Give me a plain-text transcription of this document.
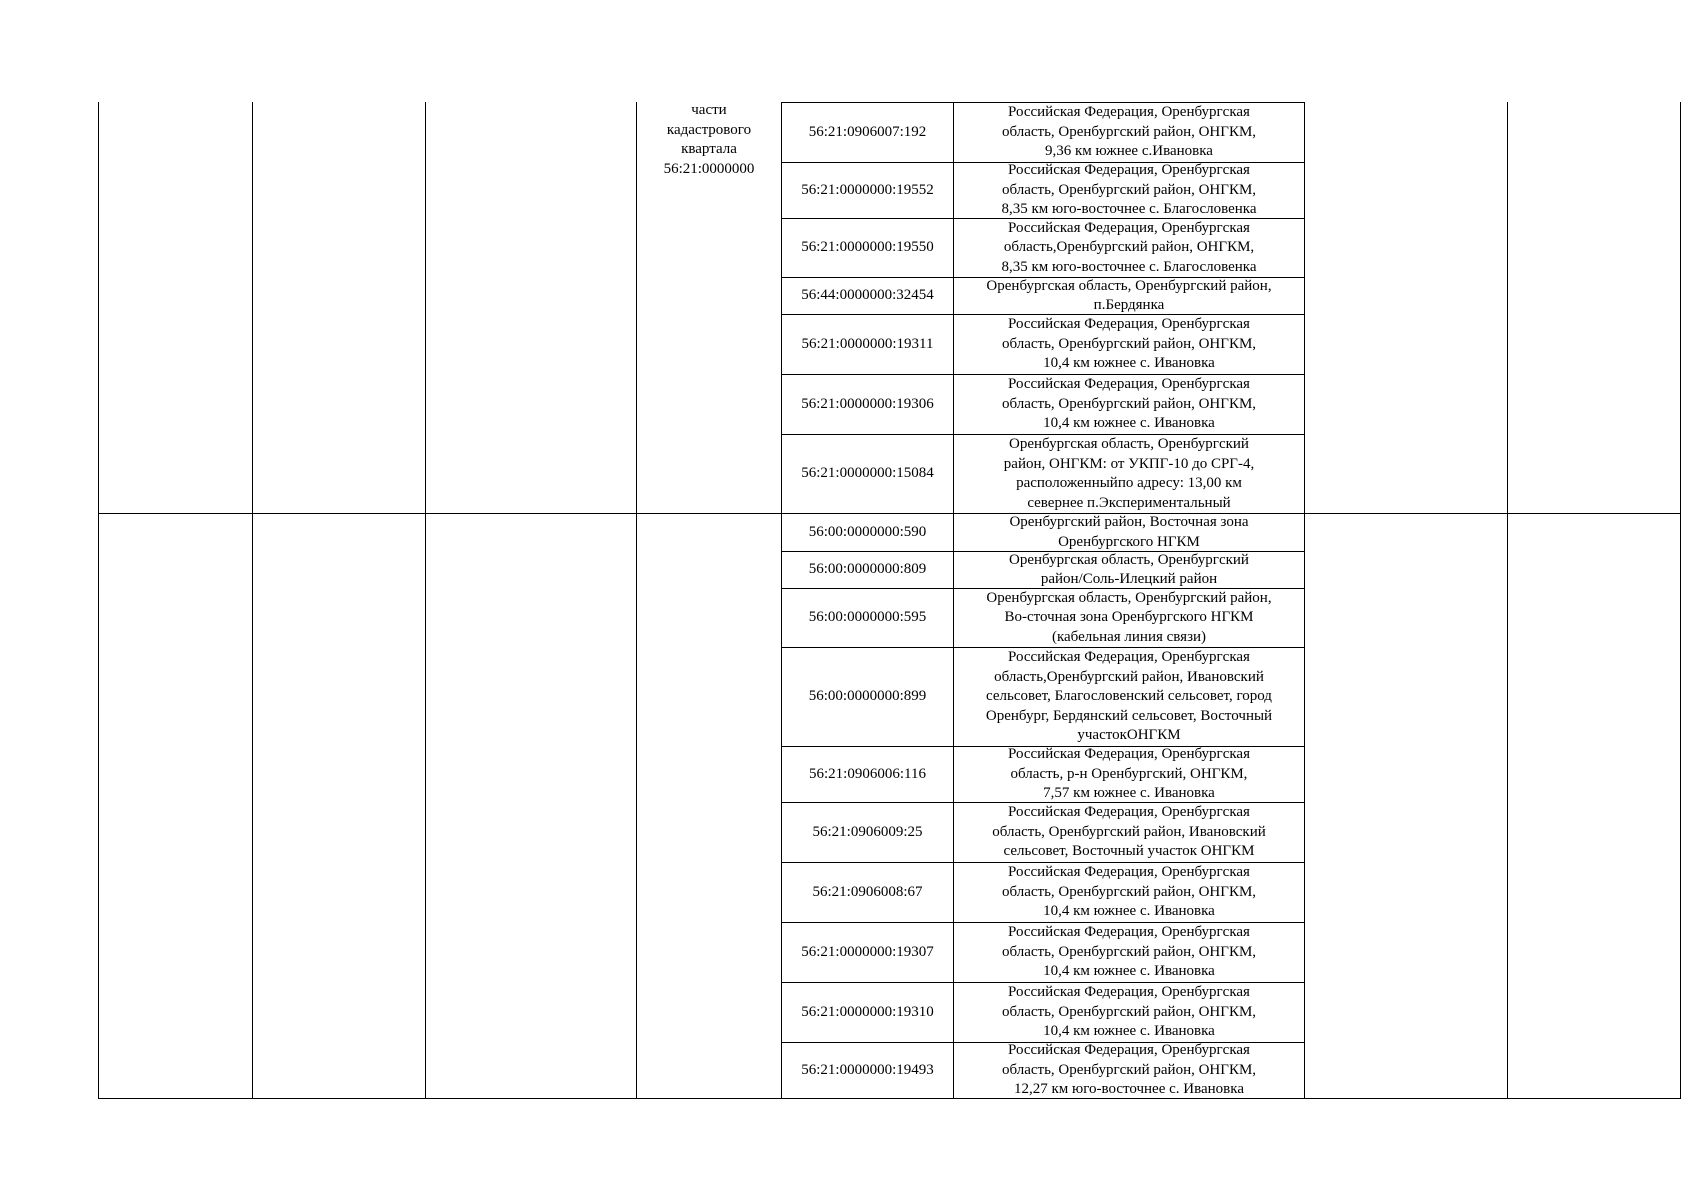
части
кадастрового
квартала
56:21:0000000
56:21:0906007:192
Российская Федерация, Оренбургская
область, Оренбургский район, ОНГКМ,
9,36 км южнее с.Ивановка
56:21:0000000:19552
Российская Федерация, Оренбургская
область, Оренбургский район, ОНГКМ,
8,35 км юго-восточнее с. Благословенка
56:21:0000000:19550
Российская Федерация, Оренбургская
область,Оренбургский район, ОНГКМ,
8,35 км юго-восточнее с. Благословенка
56:44:0000000:32454
Оренбургская область, Оренбургский район,
п.Бердянка
56:21:0000000:19311
Российская Федерация, Оренбургская
область, Оренбургский район, ОНГКМ,
10,4 км южнее с. Ивановка
56:21:0000000:19306
Российская Федерация, Оренбургская
область, Оренбургский район, ОНГКМ,
10,4 км южнее с. Ивановка
56:21:0000000:15084
Оренбургская область, Оренбургский
район, ОНГКМ: от УКПГ-10 до СРГ-4,
расположенныйпо адресу: 13,00 км
севернее п.Экспериментальный
56:00:0000000:590
Оренбургский район, Восточная зона
Оренбургского НГКМ
56:00:0000000:809
Оренбургская область, Оренбургский
район/Соль-Илецкий район
56:00:0000000:595
Оренбургская область, Оренбургский район,
Во-сточная зона Оренбургского НГКМ
(кабельная линия связи)
56:00:0000000:899
Российская Федерация, Оренбургская
область,Оренбургский район, Ивановский
сельсовет, Благословенский сельсовет, город
Оренбург, Бердянский сельсовет, Восточный
участокОНГКМ
56:21:0906006:116
Российская Федерация, Оренбургская
область, р-н Оренбургский, ОНГКМ,
7,57 км южнее с. Ивановка
56:21:0906009:25
Российская Федерация, Оренбургская
область, Оренбургский район, Ивановский
сельсовет, Восточный участок ОНГКМ
56:21:0906008:67
Российская Федерация, Оренбургская
область, Оренбургский район, ОНГКМ,
10,4 км южнее с. Ивановка
56:21:0000000:19307
Российская Федерация, Оренбургская
область, Оренбургский район, ОНГКМ,
10,4 км южнее с. Ивановка
56:21:0000000:19310
Российская Федерация, Оренбургская
область, Оренбургский район, ОНГКМ,
10,4 км южнее с. Ивановка
56:21:0000000:19493
Российская Федерация, Оренбургская
область, Оренбургский район, ОНГКМ,
12,27 км юго-восточнее с. Ивановка
